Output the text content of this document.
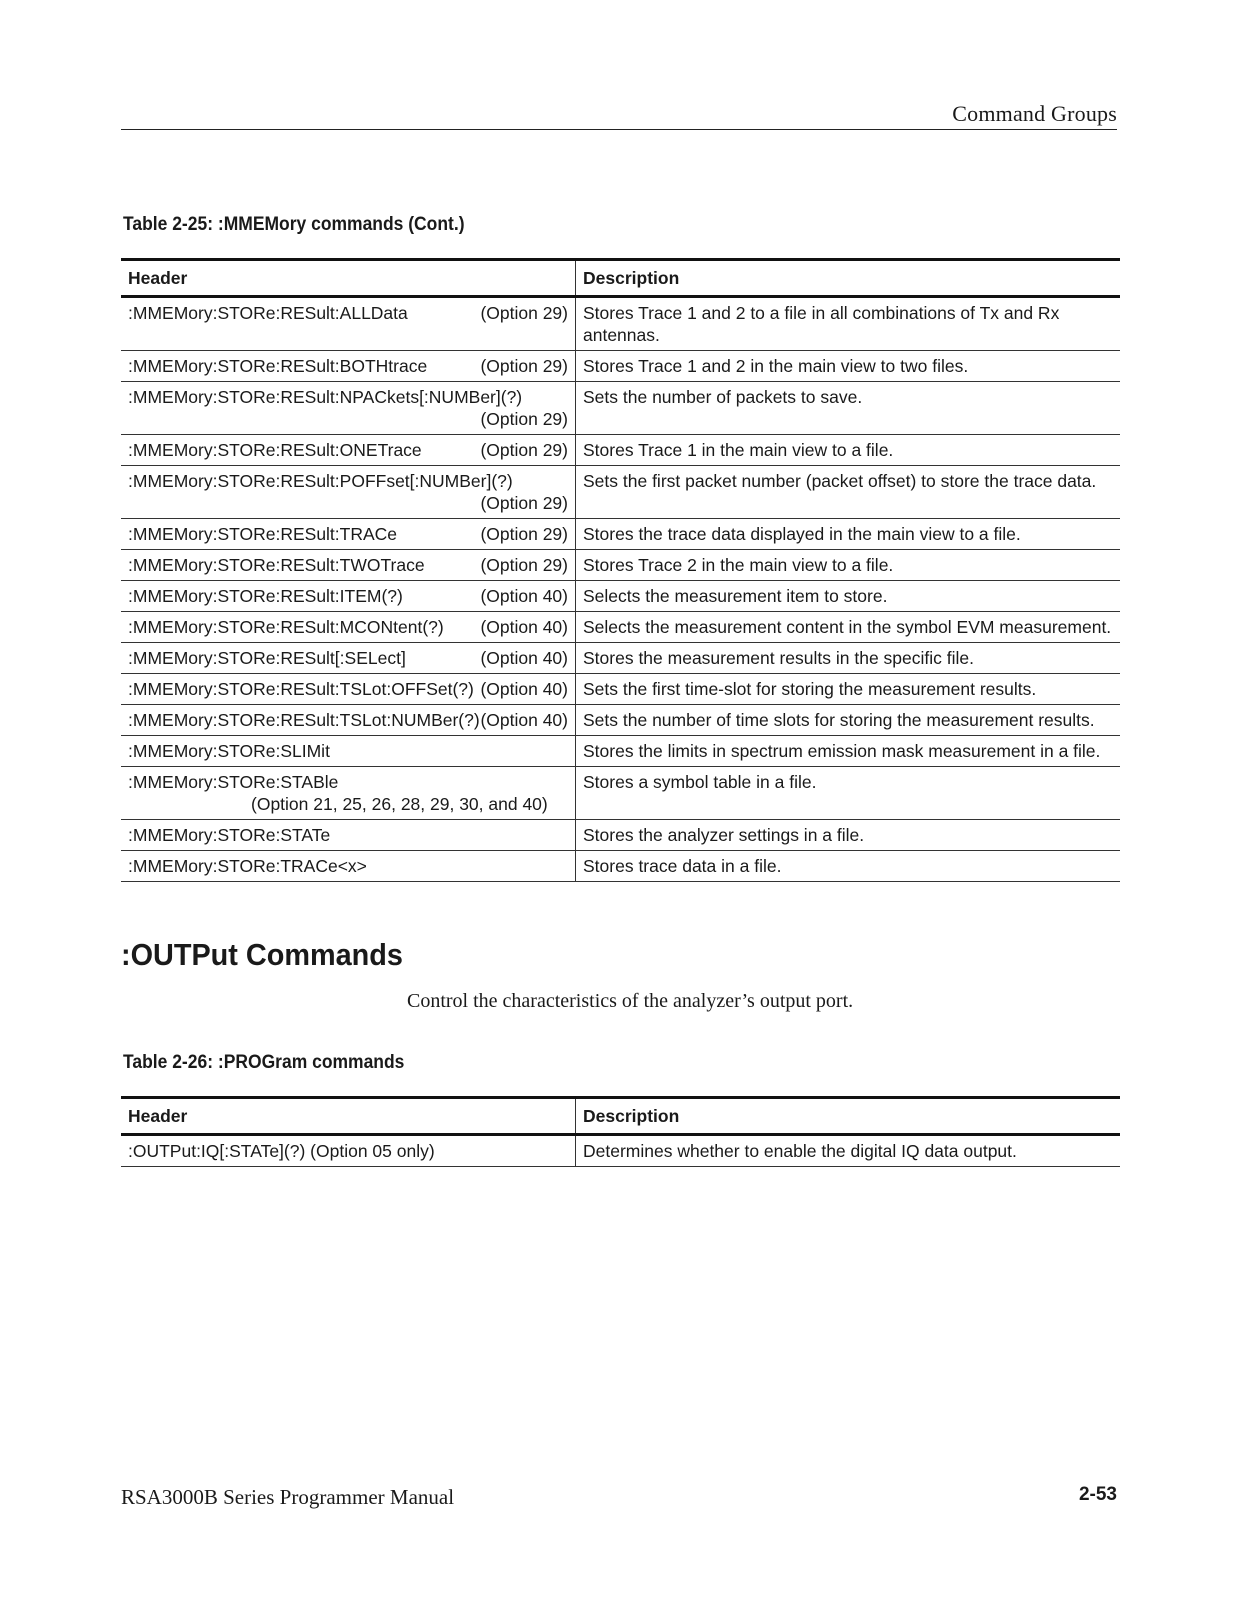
Command Groups
Table 2-25: :MMEMory commands (Cont.)
Header	Description

:MMEMory:STORe:RESult:ALLData (Option 29)	Stores Trace 1 and 2 to a file in all combinations of Tx and Rx antennas.

:MMEMory:STORe:RESult:BOTHtrace (Option 29)	Stores Trace 1 and 2 in the main view to two files.

:MMEMory:STORe:RESult:NPACkets[:NUMBer](?)
(Option 29)	Sets the number of packets to save.

:MMEMory:STORe:RESult:ONETrace (Option 29)	Stores Trace 1 in the main view to a file.

:MMEMory:STORe:RESult:POFFset[:NUMBer](?)
(Option 29)	Sets the first packet number (packet offset) to store the trace data.

:MMEMory:STORe:RESult:TRACe (Option 29)	Stores the trace data displayed in the main view to a file.

:MMEMory:STORe:RESult:TWOTrace (Option 29)	Stores Trace 2 in the main view to a file.

:MMEMory:STORe:RESult:ITEM(?) (Option 40)	Selects the measurement item to store.

:MMEMory:STORe:RESult:MCONtent(?) (Option 40)	Selects the measurement content in the symbol EVM measurement.

:MMEMory:STORe:RESult[:SELect] (Option 40)	Stores the measurement results in the specific file.

:MMEMory:STORe:RESult:TSLot:OFFSet(?) (Option 40)	Sets the first time-slot for storing the measurement results.

:MMEMory:STORe:RESult:TSLot:NUMBer(?) (Option 40)	Sets the number of time slots for storing the measurement results.

:MMEMory:STORe:SLIMit	Stores the limits in spectrum emission mask measurement in a file.

:MMEMory:STORe:STABle
(Option 21, 25, 26, 28, 29, 30, and 40)	Stores a symbol table in a file.

:MMEMory:STORe:STATe	Stores the analyzer settings in a file.

:MMEMory:STORe:TRACe<x>	Stores trace data in a file.
:OUTPut Commands
Control the characteristics of the analyzer’s output port.
Table 2-26: :PROGram commands
Header	Description

:OUTPut:IQ[:STATe](?) (Option 05 only)	Determines whether to enable the digital IQ data output.
RSA3000B Series Programmer Manual	2-53
